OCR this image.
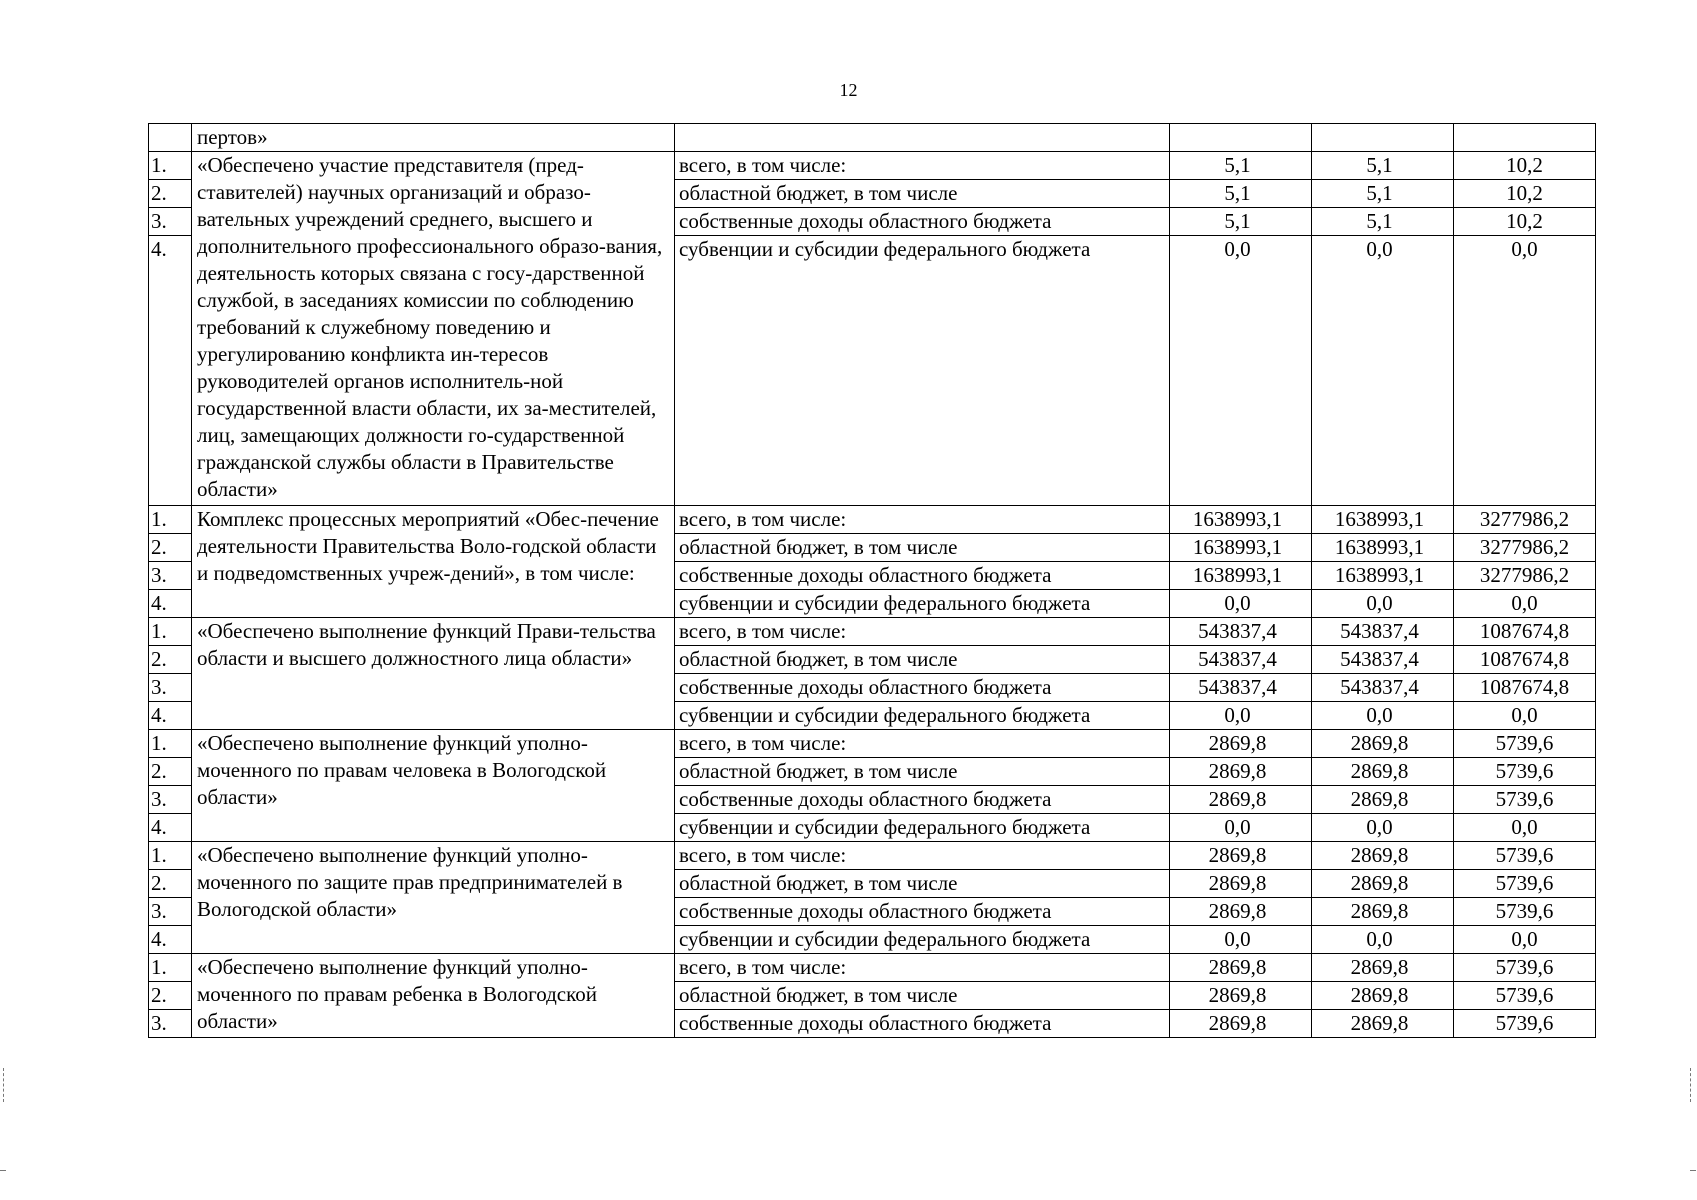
12
	пертов»				
1.	«Обеспечено участие представителя (пред-ставителей) научных организаций и образо-вательных учреждений среднего, высшего и дополнительного профессионального образо-вания, деятельность которых связана с госу-дарственной службой, в заседаниях комиссии по соблюдению требований к служебному поведению и урегулированию конфликта ин-тересов руководителей органов исполнитель-ной государственной власти области, их за-местителей, лиц, замещающих должности го-сударственной гражданской службы области в Правительстве области»	всего, в том числе:	5,1	5,1	10,2
2.		областной бюджет, в том числе	5,1	5,1	10,2
3.		собственные доходы областного бюджета	5,1	5,1	10,2
4.		субвенции и субсидии федерального бюджета	0,0	0,0	0,0
1.	Комплекс процессных мероприятий «Обес-печение деятельности Правительства Воло-годской области и подведомственных учреж-дений», в том числе:	всего, в том числе:	1638993,1	1638993,1	3277986,2
2.		областной бюджет, в том числе	1638993,1	1638993,1	3277986,2
3.		собственные доходы областного бюджета	1638993,1	1638993,1	3277986,2
4.		субвенции и субсидии федерального бюджета	0,0	0,0	0,0
1.	«Обеспечено выполнение функций Прави-тельства области и высшего должностного лица области»	всего, в том числе:	543837,4	543837,4	1087674,8
2.		областной бюджет, в том числе	543837,4	543837,4	1087674,8
3.		собственные доходы областного бюджета	543837,4	543837,4	1087674,8
4.		субвенции и субсидии федерального бюджета	0,0	0,0	0,0
1.	«Обеспечено выполнение функций уполно-моченного по правам человека в Вологодской области»	всего, в том числе:	2869,8	2869,8	5739,6
2.		областной бюджет, в том числе	2869,8	2869,8	5739,6
3.		собственные доходы областного бюджета	2869,8	2869,8	5739,6
4.		субвенции и субсидии федерального бюджета	0,0	0,0	0,0
1.	«Обеспечено выполнение функций уполно-моченного по защите прав предпринимателей в Вологодской области»	всего, в том числе:	2869,8	2869,8	5739,6
2.		областной бюджет, в том числе	2869,8	2869,8	5739,6
3.		собственные доходы областного бюджета	2869,8	2869,8	5739,6
4.		субвенции и субсидии федерального бюджета	0,0	0,0	0,0
1.	«Обеспечено выполнение функций уполно-моченного по правам ребенка в Вологодской области»	всего, в том числе:	2869,8	2869,8	5739,6
2.		областной бюджет, в том числе	2869,8	2869,8	5739,6
3.		собственные доходы областного бюджета	2869,8	2869,8	5739,6
